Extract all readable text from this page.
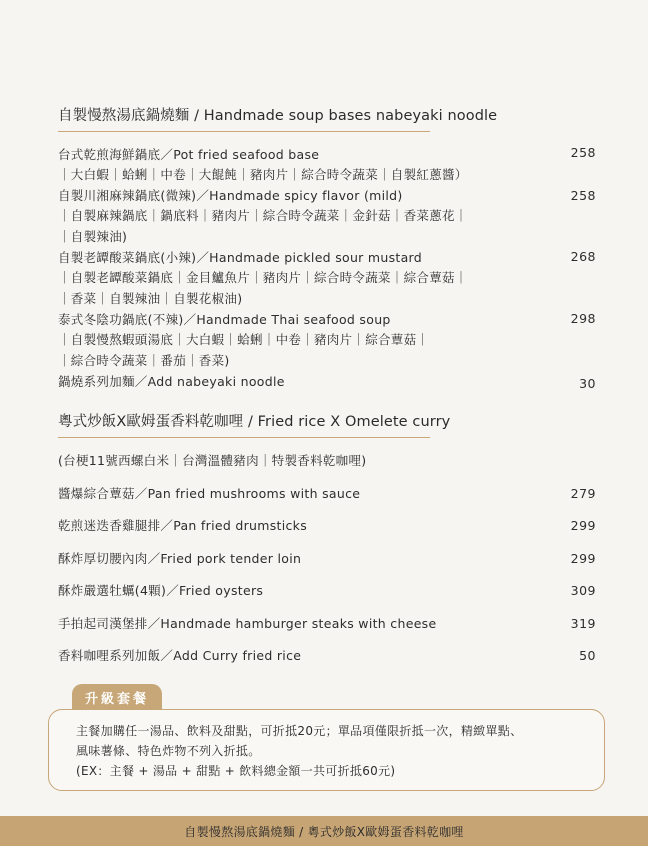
自製慢熬湯底鍋燒麵 / Handmade soup bases nabeyaki noodle
台式乾煎海鮮鍋底／Pot fried seafood base	258
｜大白蝦｜蛤蜊｜中卷｜大餛飩｜豬肉片｜綜合時令蔬菜｜自製紅蔥醬）
自製川湘麻辣鍋底(微辣)／Handmade spicy flavor (mild)	258
｜自製麻辣鍋底｜鍋底料｜豬肉片｜綜合時令蔬菜｜金針菇｜香菜蔥花｜
｜自製辣油)
自製老罈酸菜鍋底(小辣)／Handmade pickled sour mustard	268
｜自製老罈酸菜鍋底｜金目鱸魚片｜豬肉片｜綜合時令蔬菜｜綜合蕈菇｜
｜香菜｜自製辣油｜自製花椒油)
泰式冬陰功鍋底(不辣)／Handmade Thai seafood soup	298
｜自製慢熬蝦頭湯底｜大白蝦｜蛤蜊｜中卷｜豬肉片｜綜合蕈菇｜
｜綜合時令蔬菜｜番茄｜香菜)
鍋燒系列加麵／Add nabeyaki noodle	30
粵式炒飯X歐姆蛋香料乾咖哩 / Fried rice X Omelete curry
(台梗11號西螺白米｜台灣溫體豬肉｜特製香料乾咖哩)
醬爆綜合蕈菇／Pan fried mushrooms with sauce	279
乾煎迷迭香雞腿排／Pan fried drumsticks	299
酥炸厚切腰內肉／Fried pork tender loin	299
酥炸嚴選牡蠣(4顆)／Fried oysters	309
手拍起司漢堡排／Handmade hamburger steaks with cheese	319
香料咖哩系列加飯／Add Curry fried rice	50
升級套餐
主餐加購任一湯品、飲料及甜點，可折抵20元；單品項僅限折抵一次，精緻單點、
風味薯條、特色炸物不列入折抵。
(EX：主餐 + 湯品 + 甜點 + 飲料總金額一共可折抵60元)
自製慢熬湯底鍋燒麵 / 粵式炒飯X歐姆蛋香料乾咖哩
